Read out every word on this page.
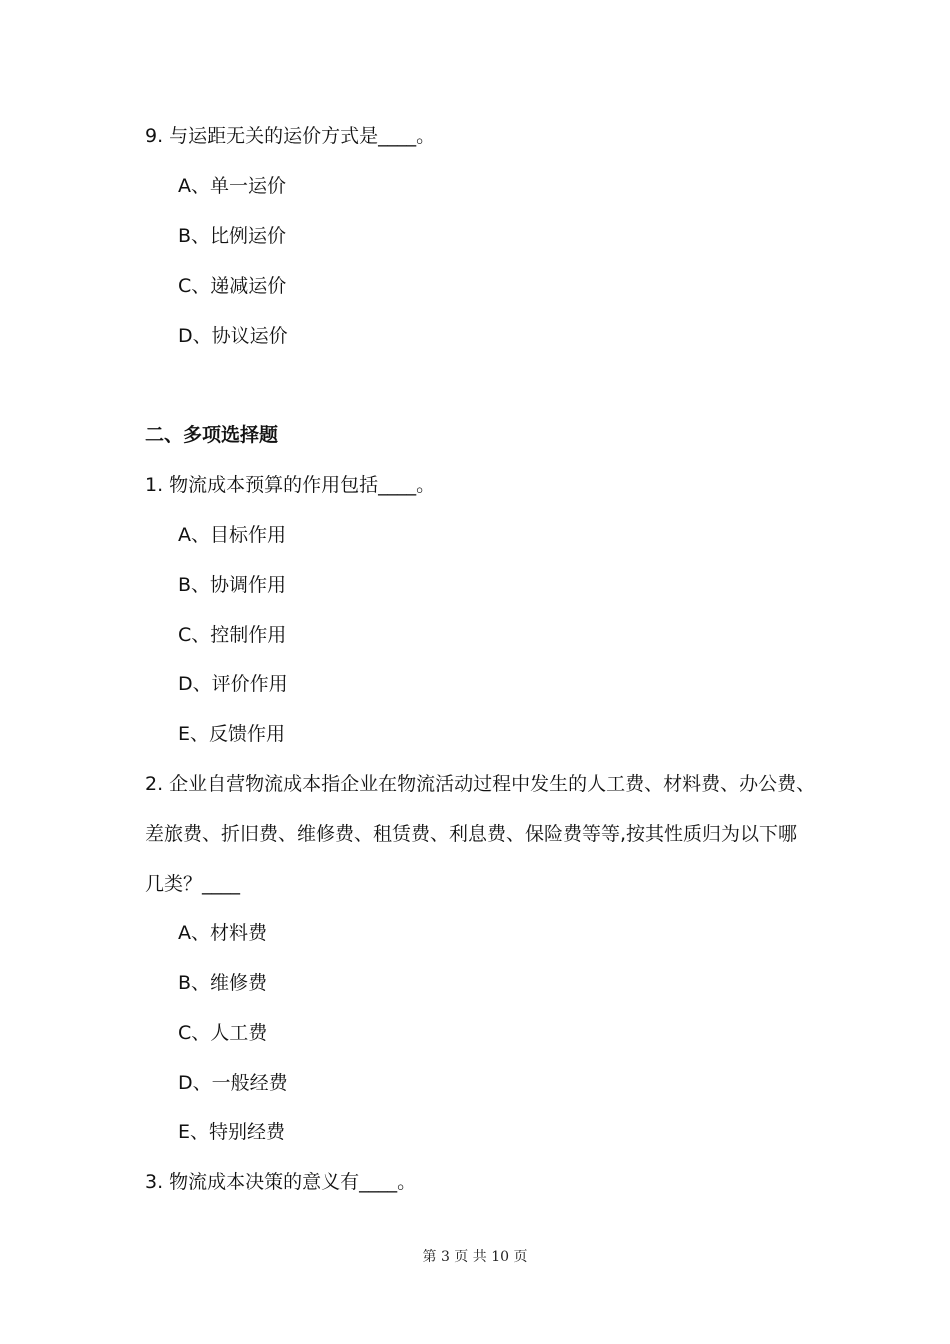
9. 与运距无关的运价方式是____。
A、单一运价
B、比例运价
C、递减运价
D、协议运价
二、多项选择题
1. 物流成本预算的作用包括____。
A、目标作用
B、协调作用
C、控制作用
D、评价作用
E、反馈作用
2. 企业自营物流成本指企业在物流活动过程中发生的人工费、材料费、办公费、
差旅费、折旧费、维修费、租赁费、利息费、保险费等等,按其性质归为以下哪
几类？____
A、材料费
B、维修费
C、人工费
D、一般经费
E、特别经费
3. 物流成本决策的意义有____。
第 3 页 共 10 页
